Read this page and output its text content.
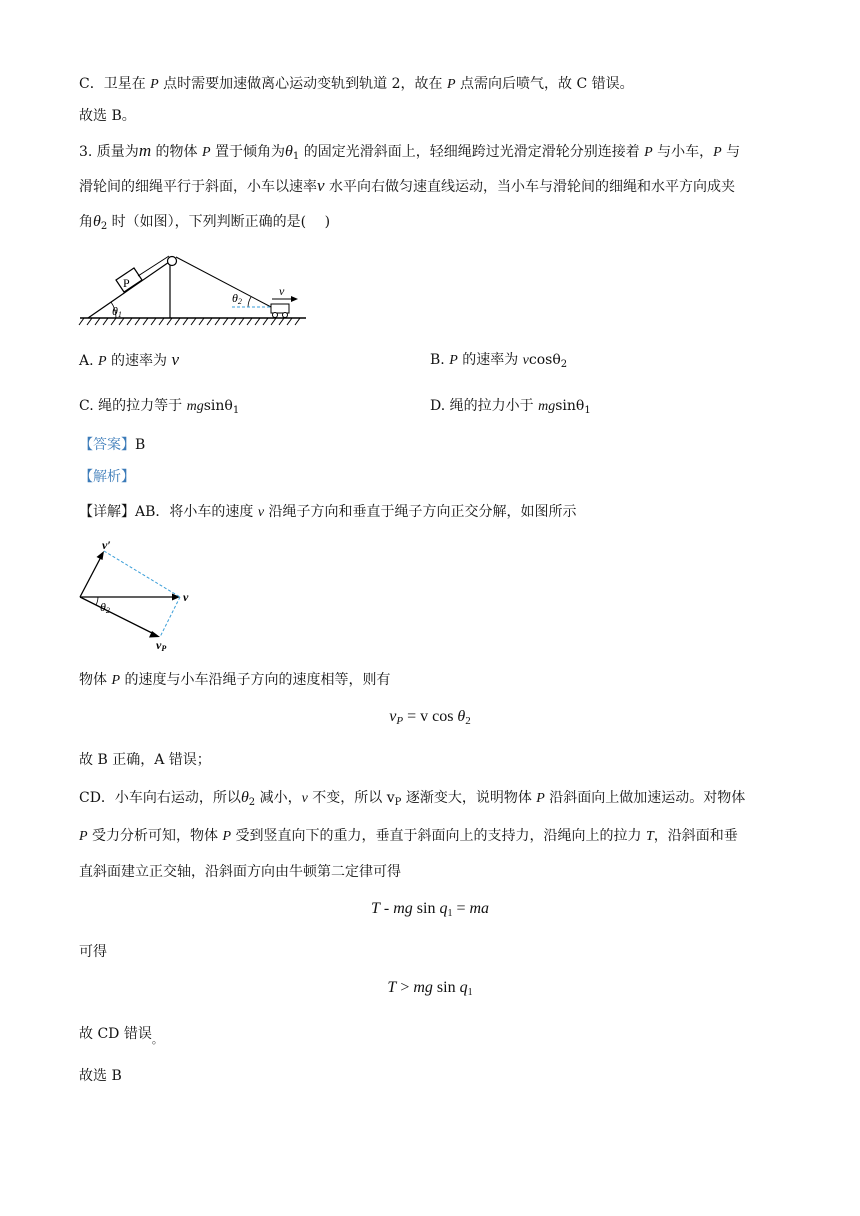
C．卫星在 P 点时需要加速做离心运动变轨到轨道 2，故在 P 点需向后喷气，故 C 错误。
故选 B。
3. 质量为m 的物体 P 置于倾角为$\theta_1$ 的固定光滑斜面上，轻细绳跨过光滑定滑轮分别连接着 P 与小车，P 与
滑轮间的细绳平行于斜面，小车以速率v 水平向右做匀速直线运动，当小车与滑轮间的细绳和水平方向成夹
角$\theta_2$ 时（如图），下列判断正确的是(　 )
P
θ1
θ2
v
A. P 的速率为 v	B. P 的速率为 vcosθ$_2$
C. 绳的拉力等于 mgsinθ$_1$	D. 绳的拉力小于 mgsinθ$_1$
【答案】B
【解析】
【详解】AB．将小车的速度 v 沿绳子方向和垂直于绳子方向正交分解，如图所示
θ2
v′
v
vP
物体 P 的速度与小车沿绳子方向的速度相等，则有
vP = v cos θ2
故 B 正确，A 错误；
CD．小车向右运动，所以$\theta_2$ 减小，v 不变，所以 $v_P$ 逐渐变大，说明物体 P 沿斜面向上做加速运动。对物体
P 受力分析可知，物体 P 受到竖直向下的重力，垂直于斜面向上的支持力，沿绳向上的拉力 T，沿斜面和垂
直斜面建立正交轴，沿斜面方向由牛顿第二定律可得
T - mg sin q1 = ma
可得
T > mg sin q1
故 CD 错误$_。$
故选 B
